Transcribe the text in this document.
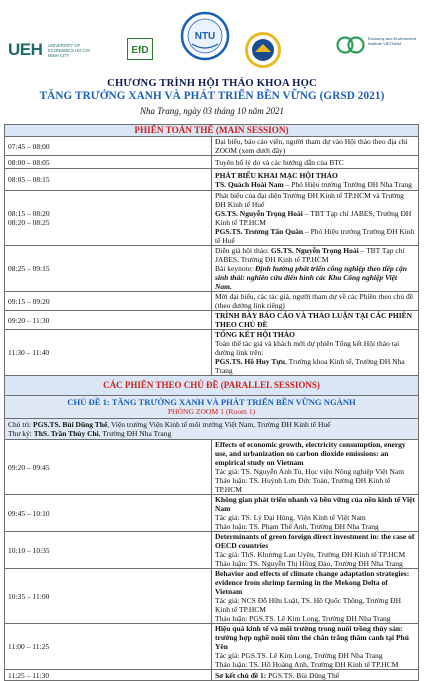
UEH UNIVERSITY OF ECONOMICS HO CHI MINH CITY	EfD
NTU	Economy and Environment Institute VIETNAM
CHƯƠNG TRÌNH HỘI THẢO KHOA HỌC
TĂNG TRƯỞNG XANH VÀ PHÁT TRIỂN BỀN VỮNG (GRSD 2021)
Nha Trang, ngày 03 tháng 10 năm 2021
PHIÊN TOÀN THỂ (MAIN SESSION)	
07:45 – 08:00	Đại biểu, báo cáo viên, người tham dự vào Hội thảo theo địa chỉ ZOOM (xem dưới đây)
08:00 – 08:05	Tuyên bố lý do và các hướng dẫn của BTC
08:05 – 08:15	PHÁT BIỂU KHAI MẠC HỘI THẢO
TS. Quách Hoài Nam – Phó Hiệu trưởng Trường ĐH Nha Trang

08:15 – 08:20
08:20 – 08:25	Phát biểu của đại diện Trường ĐH Kinh tế TP.HCM và Trường ĐH Kinh tế Huế
GS.TS. Nguyễn Trọng Hoài – TBT Tạp chí JABES, Trường ĐH Kinh tế TP.HCM
PGS.TS. Trương Tấn Quân – Phó Hiệu trưởng Trường ĐH Kinh tế Huế

08:25 – 09:15	Diễn giả hội thảo: GS.TS. Nguyễn Trọng Hoài – TBT Tạp chí JABES, Trường ĐH Kinh tế TP.HCM
Bài keynote: Định hướng phát triển công nghiệp theo tiếp cận sinh thái: nghiên cứu điển hình các Khu Công nghiệp Việt Nam.

09:15 – 09:20	Mời đại biểu, các tác giả, người tham dự về các Phiên theo chủ đề (theo đường link riêng)
09:20 – 11:30	TRÌNH BÀY BÁO CÁO VÀ THẢO LUẬN TẠI CÁC PHIÊN THEO CHỦ ĐỀ
11:30 – 11:40	TỔNG KẾT HỘI THẢO
Toàn thể tác giả và khách mời dự phiên Tổng kết Hội thảo tại đường link trên:
PGS.TS. Hồ Huy Tựu, Trưởng khoa Kinh tế, Trường ĐH Nha Trang

CÁC PHIÊN THEO CHỦ ĐỀ (PARALLEL SESSIONS)	

CHỦ ĐỀ 1: TĂNG TRƯỞNG XANH VÀ PHÁT TRIỂN BỀN VỮNG NGÀNH
PHÒNG ZOOM 1 (Room 1)	

Chủ trì: PGS.TS. Bùi Dũng Thể, Viện trưởng Viện Kinh tế môi trường Việt Nam, Trường ĐH Kinh tế Huế
Thư ký: ThS. Trần Thùy Chi, Trường ĐH Nha Trang	

09:20 – 09:45	Effects of economic growth, electricity consumption, energy use, and urbanization on carbon dioxide emissions: an empirical study on Vietnam
Tác giả: TS. Nguyễn Anh Tu, Học viện Nông nghiệp Việt Nam
Thảo luận: TS. Huỳnh Lưu Đức Toàn, Trường ĐH Kinh tế TP.HCM

09:45 – 10:10	Không gian phát triển nhanh và bền vững của nền kinh tế Việt Nam
Tác giả: TS. Lý Đại Hùng, Viện Kinh tế Việt Nam
Thảo luận: TS. Phạm Thế Anh, Trường ĐH Nha Trang

10:10 – 10:35	Determinants of green foreign direct investment in: the case of OECD countries
Tác giả: ThS. Khương Lan Uyên, Trường ĐH Kinh tế TP.HCM
Thảo luận: TS. Nguyễn Thị Hồng Đào, Trường ĐH Nha Trang

10:35 – 11:00	Behavior and effects of climate change adaptation strategies: evidence from shrimp farming in the Mekong Delta of Vietnam
Tác giả: NCS Đỗ Hữu Luật, TS. Hồ Quốc Thông, Trường ĐH Kinh tế TP.HCM
Thảo luận: PGS.TS. Lê Kim Long, Trường ĐH Nha Trang

11:00 – 11:25	Hiệu quả kinh tế và môi trường trong nuôi trồng thủy sản: trường hợp nghề nuôi tôm thẻ chân trắng thâm canh tại Phú Yên
Tác giả: PGS.TS. Lê Kim Long, Trường ĐH Nha Trang
Thảo luận: TS. Hồ Hoàng Anh, Trường ĐH Kinh tế TP.HCM

11:25 – 11:30	Sơ kết chủ đề 1: PGS.TS. Bùi Dũng Thể
